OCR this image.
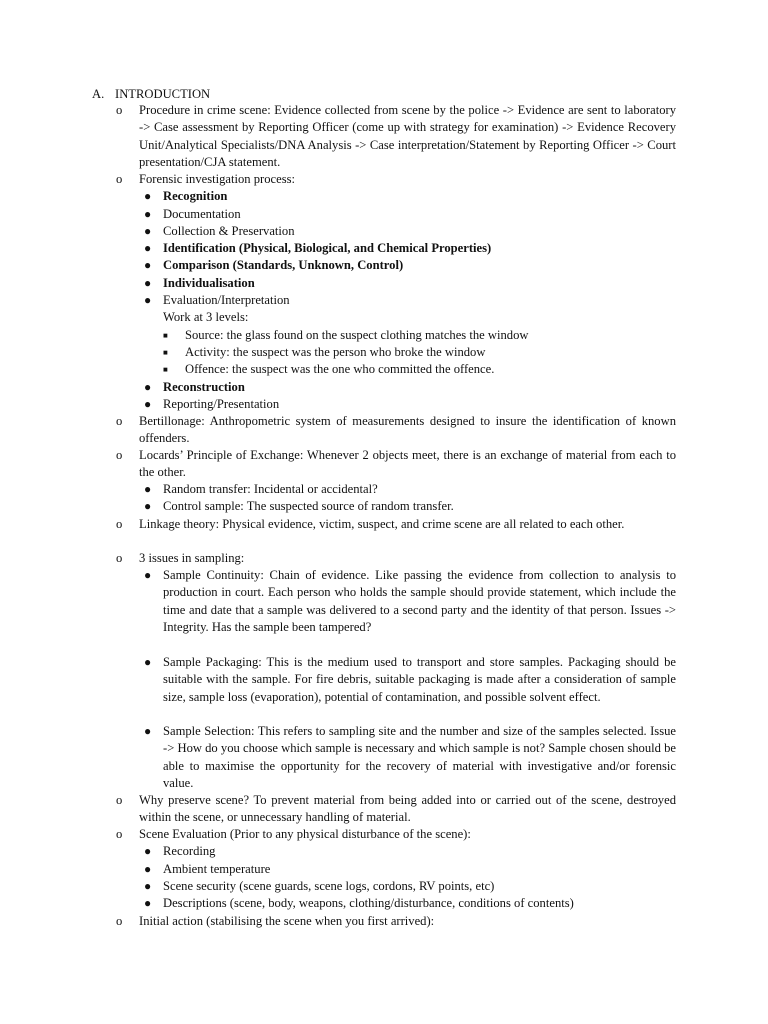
A. INTRODUCTION
o Procedure in crime scene: Evidence collected from scene by the police -> Evidence are sent to laboratory -> Case assessment by Reporting Officer (come up with strategy for examination) -> Evidence Recovery Unit/Analytical Specialists/DNA Analysis -> Case interpretation/Statement by Reporting Officer -> Court presentation/CJA statement.
o Forensic investigation process:
● Recognition
● Documentation
● Collection & Preservation
● Identification (Physical, Biological, and Chemical Properties)
● Comparison (Standards, Unknown, Control)
● Individualisation
● Evaluation/Interpretation
Work at 3 levels:
■ Source: the glass found on the suspect clothing matches the window
■ Activity: the suspect was the person who broke the window
■ Offence: the suspect was the one who committed the offence.
● Reconstruction
● Reporting/Presentation
o Bertillonage: Anthropometric system of measurements designed to insure the identification of known offenders.
o Locards’ Principle of Exchange: Whenever 2 objects meet, there is an exchange of material from each to the other.
● Random transfer: Incidental or accidental?
● Control sample: The suspected source of random transfer.
o Linkage theory: Physical evidence, victim, suspect, and crime scene are all related to each other.
o 3 issues in sampling:
● Sample Continuity: Chain of evidence. Like passing the evidence from collection to analysis to production in court. Each person who holds the sample should provide statement, which include the time and date that a sample was delivered to a second party and the identity of that person. Issues -> Integrity. Has the sample been tampered?
● Sample Packaging: This is the medium used to transport and store samples. Packaging should be suitable with the sample. For fire debris, suitable packaging is made after a consideration of sample size, sample loss (evaporation), potential of contamination, and possible solvent effect.
● Sample Selection: This refers to sampling site and the number and size of the samples selected. Issue -> How do you choose which sample is necessary and which sample is not? Sample chosen should be able to maximise the opportunity for the recovery of material with investigative and/or forensic value.
o Why preserve scene? To prevent material from being added into or carried out of the scene, destroyed within the scene, or unnecessary handling of material.
o Scene Evaluation (Prior to any physical disturbance of the scene):
● Recording
● Ambient temperature
● Scene security (scene guards, scene logs, cordons, RV points, etc)
● Descriptions (scene, body, weapons, clothing/disturbance, conditions of contents)
o Initial action (stabilising the scene when you first arrived):
